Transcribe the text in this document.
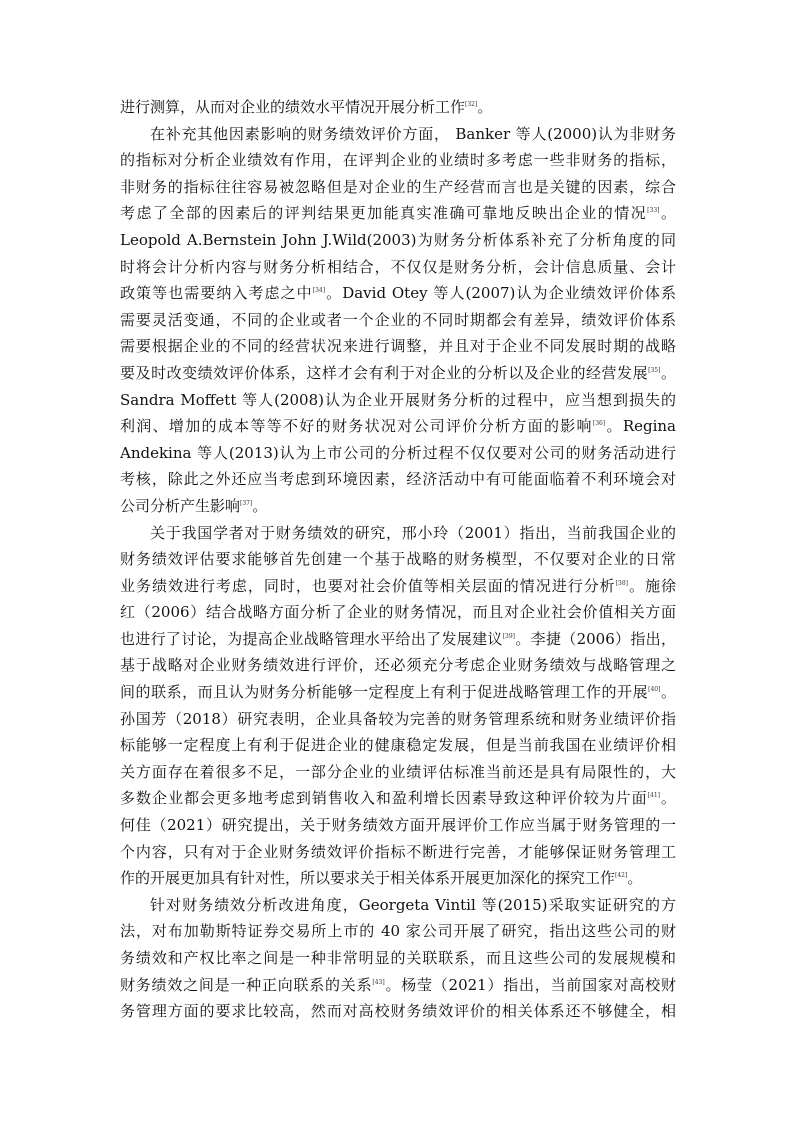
进行测算，从而对企业的绩效水平情况开展分析工作[32]。
在补充其他因素影响的财务绩效评价方面， Banker 等人(2000)认为非财务
的指标对分析企业绩效有作用，在评判企业的业绩时多考虑一些非财务的指标，
非财务的指标往往容易被忽略但是对企业的生产经营而言也是关键的因素，综合
考虑了全部的因素后的评判结果更加能真实准确可靠地反映出企业的情况[33]。
Leopold A.Bernstein John J.Wild(2003)为财务分析体系补充了分析角度的同
时将会计分析内容与财务分析相结合，不仅仅是财务分析，会计信息质量、会计
政策等也需要纳入考虑之中[34]。David Otey 等人(2007)认为企业绩效评价体系
需要灵活变通，不同的企业或者一个企业的不同时期都会有差异，绩效评价体系
需要根据企业的不同的经营状况来进行调整，并且对于企业不同发展时期的战略
要及时改变绩效评价体系，这样才会有利于对企业的分析以及企业的经营发展[35]。
Sandra Moffett 等人(2008)认为企业开展财务分析的过程中，应当想到损失的
利润、增加的成本等等不好的财务状况对公司评价分析方面的影响[36]。Regina
Andekina 等人(2013)认为上市公司的分析过程不仅仅要对公司的财务活动进行
考核，除此之外还应当考虑到环境因素，经济活动中有可能面临着不利环境会对
公司分析产生影响[37]。
关于我国学者对于财务绩效的研究，邢小玲（2001）指出，当前我国企业的
财务绩效评估要求能够首先创建一个基于战略的财务模型，不仅要对企业的日常
业务绩效进行考虑，同时，也要对社会价值等相关层面的情况进行分析[38]。施徐
红（2006）结合战略方面分析了企业的财务情况，而且对企业社会价值相关方面
也进行了讨论，为提高企业战略管理水平给出了发展建议[39]。李捷（2006）指出，
基于战略对企业财务绩效进行评价，还必须充分考虑企业财务绩效与战略管理之
间的联系，而且认为财务分析能够一定程度上有利于促进战略管理工作的开展[40]。
孙国芳（2018）研究表明，企业具备较为完善的财务管理系统和财务业绩评价指
标能够一定程度上有利于促进企业的健康稳定发展，但是当前我国在业绩评价相
关方面存在着很多不足，一部分企业的业绩评估标准当前还是具有局限性的，大
多数企业都会更多地考虑到销售收入和盈利增长因素导致这种评价较为片面[41]。
何佳（2021）研究提出，关于财务绩效方面开展评价工作应当属于财务管理的一
个内容，只有对于企业财务绩效评价指标不断进行完善，才能够保证财务管理工
作的开展更加具有针对性，所以要求关于相关体系开展更加深化的探究工作[42]。
针对财务绩效分析改进角度，Georgeta Vintil 等(2015)采取实证研究的方
法，对布加勒斯特证券交易所上市的 40 家公司开展了研究，指出这些公司的财
务绩效和产权比率之间是一种非常明显的关联联系，而且这些公司的发展规模和
财务绩效之间是一种正向联系的关系[43]。杨莹（2021）指出，当前国家对高校财
务管理方面的要求比较高，然而对高校财务绩效评价的相关体系还不够健全，相
